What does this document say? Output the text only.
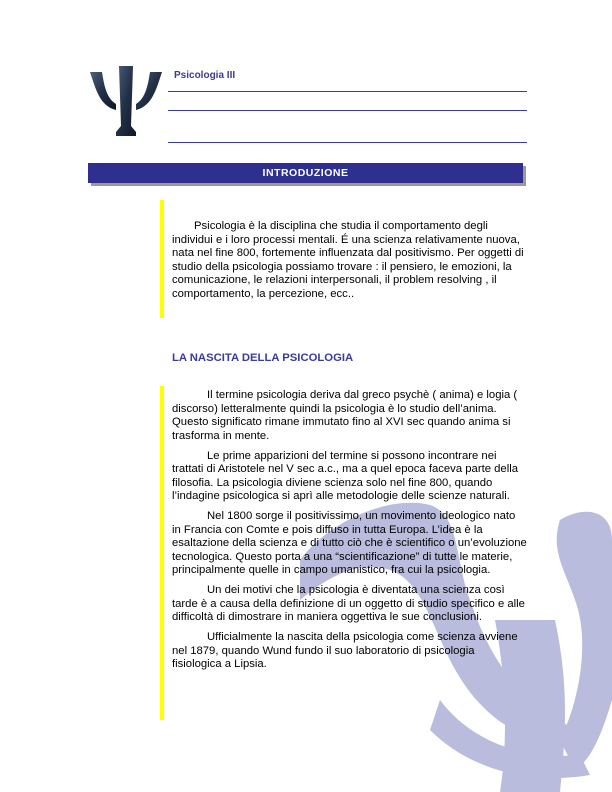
Psicologia III
INTRODUZIONE

Psicologia è la disciplina che studia il comportamento degli individui e i loro processi mentali. É una scienza relativamente nuova, nata nel fine 800, fortemente influenzata dal positivismo. Per oggetti di studio della psicologia possiamo trovare : il pensiero, le emozioni, la comunicazione, le relazioni interpersonali, il problem resolving , il comportamento, la percezione, ecc..

LA NASCITA DELLA PSICOLOGIA

Il termine psicologia deriva dal greco psychè ( anima) e logia ( discorso) letteralmente quindi la psicologia è lo studio dell’anima. Questo significato rimane immutato fino al XVI sec quando anima si trasforma in mente.

Le prime apparizioni del termine si possono incontrare nei trattati di Aristotele nel V sec a.c., ma a quel epoca faceva parte della filosofia. La psicologia diviene scienza solo nel fine 800, quando l’indagine psicologica si aprì alle metodologie delle scienze naturali.

Nel 1800 sorge il positivissimo, un movimento ideologico nato in Francia con Comte e pois diffuso in tutta Europa. L’idea è la esaltazione della scienza e di tutto ciò che è scientifico o un’evoluzione tecnologica. Questo porta a una “scientificazione” di tutte le materie, principalmente quelle in campo umanistico, fra cui la psicologia.

Un dei motivi che la psicologia è diventata una scienza così tarde è a causa della definizione di un oggetto di studio specifico e alle difficoltà di dimostrare in maniera oggettiva le sue conclusioni.

Ufficialmente la nascita della psicologia come scienza avviene nel 1879, quando Wund fundo il suo laboratorio di psicologia fisiologica a Lipsia.
